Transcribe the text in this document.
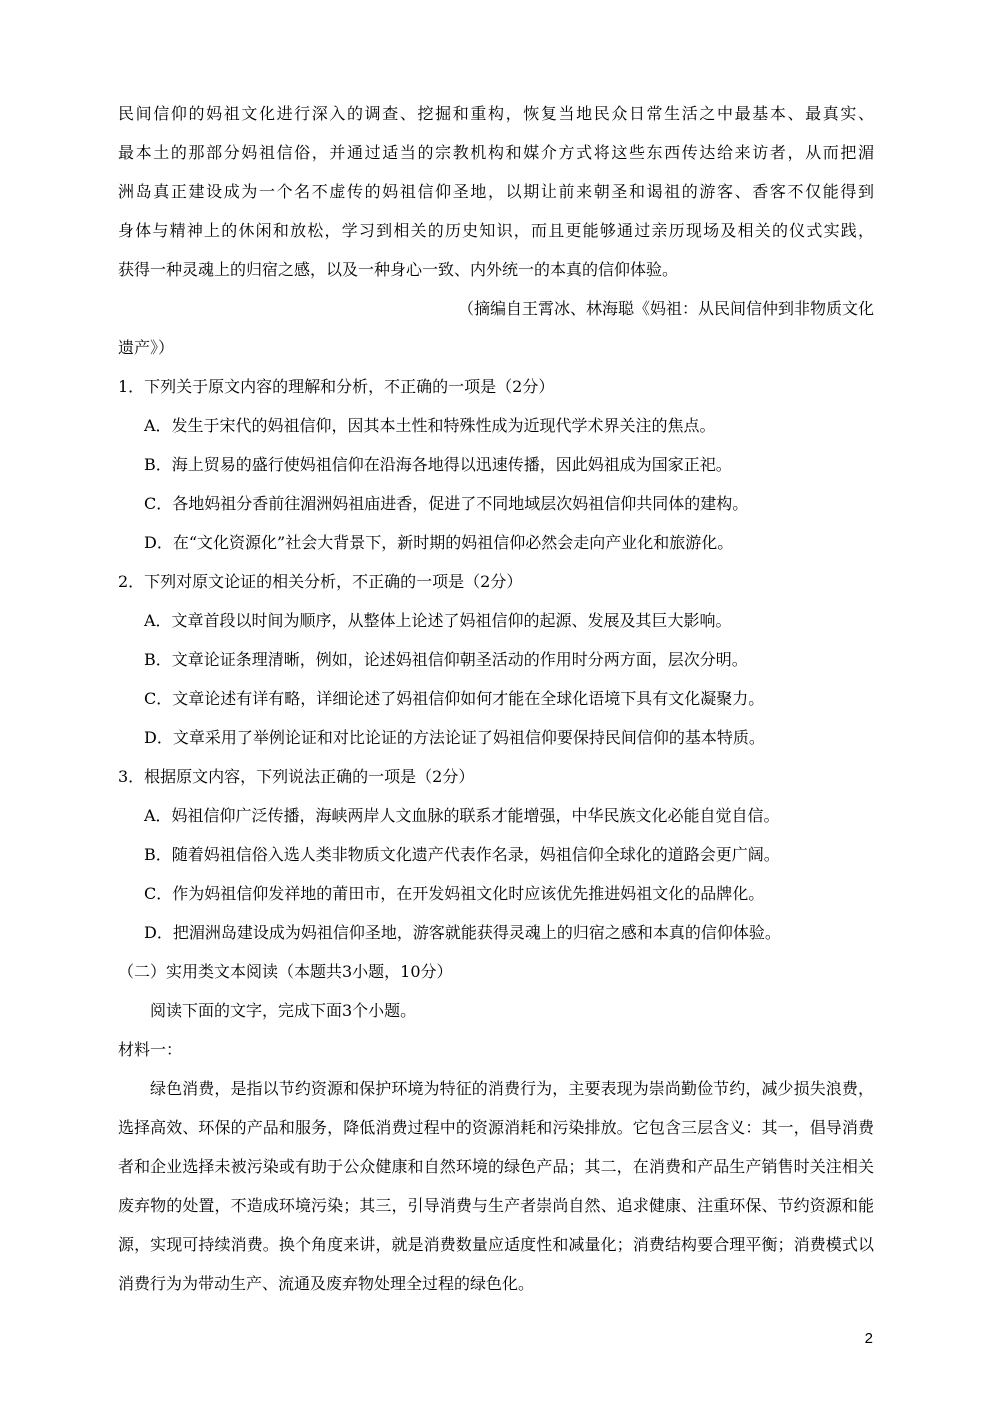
民间信仰的妈祖文化进行深入的调查、挖掘和重构，恢复当地民众日常生活之中最基本、最真实、

最本土的那部分妈祖信俗，并通过适当的宗教机构和媒介方式将这些东西传达给来访者，从而把湄

洲岛真正建设成为一个名不虚传的妈祖信仰圣地，以期让前来朝圣和谒祖的游客、香客不仅能得到

身体与精神上的休闲和放松，学习到相关的历史知识，而且更能够通过亲历现场及相关的仪式实践，

获得一种灵魂上的归宿之感，以及一种身心一致、内外统一的本真的信仰体验。

（摘编自王霄冰、林海聪《妈祖：从民间信仲到非物质文化

遗产》）

1．下列关于原文内容的理解和分析，不正确的一项是（2分）

A．发生于宋代的妈祖信仰，因其本土性和特殊性成为近现代学术界关注的焦点。

B．海上贸易的盛行使妈祖信仰在沿海各地得以迅速传播，因此妈祖成为国家正祀。

C．各地妈祖分香前往湄洲妈祖庙进香，促进了不同地域层次妈祖信仰共同体的建构。

D．在“文化资源化”社会大背景下，新时期的妈祖信仰必然会走向产业化和旅游化。

2．下列对原文论证的相关分析，不正确的一项是（2分）

A．文章首段以时间为顺序，从整体上论述了妈祖信仰的起源、发展及其巨大影响。

B．文章论证条理清晰，例如，论述妈祖信仰朝圣活动的作用时分两方面，层次分明。

C．文章论述有详有略，详细论述了妈祖信仰如何才能在全球化语境下具有文化凝聚力。

D．文章采用了举例论证和对比论证的方法论证了妈祖信仰要保持民间信仰的基本特质。

3．根据原文内容，下列说法正确的一项是（2分）

A．妈祖信仰广泛传播，海峡两岸人文血脉的联系才能增强，中华民族文化必能自觉自信。

B．随着妈祖信俗入选人类非物质文化遗产代表作名录，妈祖信仰全球化的道路会更广阔。

C．作为妈祖信仰发祥地的莆田市，在开发妈祖文化时应该优先推进妈祖文化的品牌化。

D．把湄洲岛建设成为妈祖信仰圣地，游客就能获得灵魂上的归宿之感和本真的信仰体验。

（二）实用类文本阅读（本题共3小题，10分）

阅读下面的文字，完成下面3个小题。

材料一：

绿色消费，是指以节约资源和保护环境为特征的消费行为，主要表现为崇尚勤俭节约，减少损失浪费，选择高效、环保的产品和服务，降低消费过程中的资源消耗和污染排放。它包含三层含义：其一，倡导消费者和企业选择未被污染或有助于公众健康和自然环境的绿色产品；其二，在消费和产品生产销售时关注相关废弃物的处置，不造成环境污染；其三，引导消费与生产者崇尚自然、追求健康、注重环保、节约资源和能源，实现可持续消费。换个角度来讲，就是消费数量应适度性和减量化；消费结构要合理平衡；消费模式以消费行为为带动生产、流通及废弃物处理全过程的绿色化。

2
